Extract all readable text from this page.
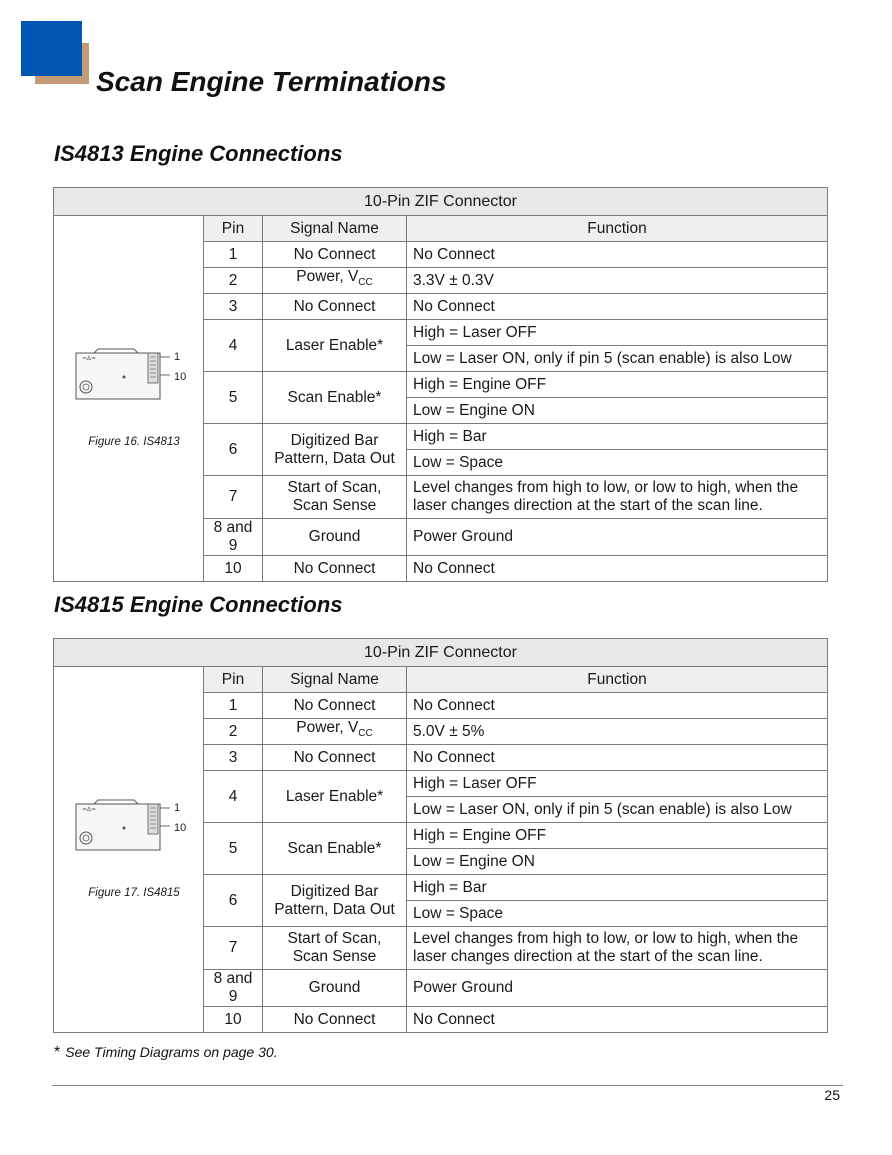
Scan Engine Terminations
IS4813 Engine Connections
10-Pin ZIF Connector			

≈∆≈ 1
10
Figure 16. IS4813	Pin	Signal Name	Function
	1	No Connect	No Connect
	2	Power, $V_{CC}$	3.3V ± 0.3V
	3	No Connect	No Connect
	4	Laser Enable*	High = Laser OFF
			Low = Laser ON, only if pin 5 (scan enable) is also Low
	5	Scan Enable*	High = Engine OFF
			Low = Engine ON
	6	Digitized Bar Pattern, Data Out	High = Bar
			Low = Space
	7	Start of Scan, Scan Sense	Level changes from high to low, or low to high, when the laser changes direction at the start of the scan line.
	8 and 9	Ground	Power Ground
	10	No Connect	No Connect
IS4815 Engine Connections
10-Pin ZIF Connector			

≈∆≈ 1
10
Figure 17. IS4815	Pin	Signal Name	Function
	1	No Connect	No Connect
	2	Power, $V_{CC}$	5.0V ± 5%
	3	No Connect	No Connect
	4	Laser Enable*	High = Laser OFF
			Low = Laser ON, only if pin 5 (scan enable) is also Low
	5	Scan Enable*	High = Engine OFF
			Low = Engine ON
	6	Digitized Bar Pattern, Data Out	High = Bar
			Low = Space
	7	Start of Scan, Scan Sense	Level changes from high to low, or low to high, when the laser changes direction at the start of the scan line.
	8 and 9	Ground	Power Ground
	10	No Connect	No Connect
* See Timing Diagrams on page 30.
25
